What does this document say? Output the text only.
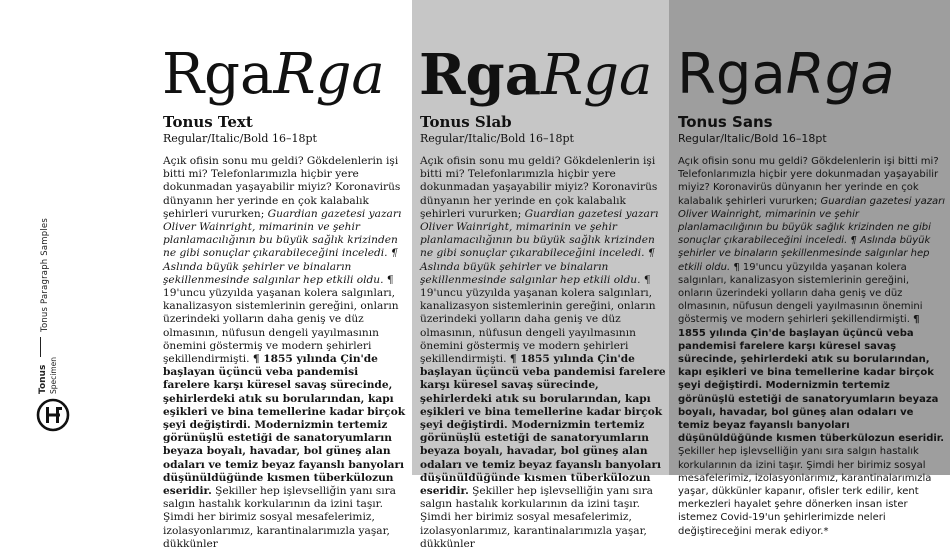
Tonus Paragraph Samples
Tonus Specimen
RgaRga
Tonus Text
Regular/Italic/Bold 16–18pt

Açık ofisin sonu mu geldi? Gökdelenlerin işi bitti mi? Telefonlarımızla hiçbir yere dokunmadan yaşayabilir miyiz? Koronavirüs dünyanın her yerinde en çok kalabalık şehirleri vururken; Guardian gazetesi yazarı Oliver Wainright, mimarinin ve şehir planlamacılığının bu büyük sağlık krizinden ne gibi sonuçlar çıkarabileceğini inceledi. ¶ Aslında büyük şehirler ve binaların şekillenmesinde salgınlar hep etkili oldu. ¶ 19'uncu yüzyılda yaşanan kolera salgınları, kanalizasyon sistemlerinin gereğini, onların üzerindeki yolların daha geniş ve düz olmasının, nüfusun dengeli yayılmasının önemini göstermiş ve modern şehirleri şekillendirmişti. ¶ 1855 yılında Çin'de başlayan üçüncü veba pandemisi farelere karşı küresel savaş sürecinde, şehirlerdeki atık su borularından, kapı eşikleri ve bina temellerine kadar birçok şeyi değiştirdi. Modernizmin tertemiz görünüşlü estetiği de sanatoryumların beyaza boyalı, havadar, bol güneş alan odaları ve temiz beyaz fayanslı banyoları düşünüldüğünde kısmen tüberkülozun eseridir. Şekiller hep işlevselliğin yanı sıra salgın hastalık korkularının da izini taşır. Şimdi her birimiz sosyal mesafelerimiz, izolasyonlarımız, karantinalarımızla yaşar, dükkünler

RgaRga
Tonus Slab
Regular/Italic/Bold 16–18pt

Açık ofisin sonu mu geldi? Gökdelenlerin işi bitti mi? Telefonlarımızla hiçbir yere dokunmadan yaşayabilir miyiz? Koronavirüs dünyanın her yerinde en çok kalabalık şehirleri vururken; Guardian gazetesi yazarı Oliver Wainright, mimarinin ve şehir planlamacılığının bu büyük sağlık krizinden ne gibi sonuçlar çıkarabileceğini inceledi. ¶ Aslında büyük şehirler ve binaların şekillenmesinde salgınlar hep etkili oldu. ¶ 19'uncu yüzyılda yaşanan kolera salgınları, kanalizasyon sistemlerinin gereğini, onların üzerindeki yolların daha geniş ve düz olmasının, nüfusun dengeli yayılmasının önemini göstermiş ve modern şehirleri şekillendirmişti. ¶ 1855 yılında Çin'de başlayan üçüncü veba pandemisi farelere karşı küresel savaş sürecinde, şehirlerdeki atık su borularından, kapı eşikleri ve bina temellerine kadar birçok şeyi değiştirdi. Modernizmin tertemiz görünüşlü estetiği de sanatoryumların beyaza boyalı, havadar, bol güneş alan odaları ve temiz beyaz fayanslı banyoları düşünüldüğünde kısmen tüberkülozun eseridir. Şekiller hep işlevselliğin yanı sıra salgın hastalık korkularının da izini taşır. Şimdi her birimiz sosyal mesafelerimiz, izolasyonlarımız, karantinalarımızla yaşar, dükkünler

RgaRga
Tonus Sans
Regular/Italic/Bold 16–18pt

Açık ofisin sonu mu geldi? Gökdelenlerin işi bitti mi? Telefonlarımızla hiçbir yere dokunmadan yaşayabilir miyiz? Koronavirüs dünyanın her yerinde en çok kalabalık şehirleri vururken; Guardian gazetesi yazarı Oliver Wainright, mimarinin ve şehir planlamacılığının bu büyük sağlık krizinden ne gibi sonuçlar çıkarabileceğini inceledi. ¶ Aslında büyük şehirler ve binaların şekillenmesinde salgınlar hep etkili oldu. ¶ 19'uncu yüzyılda yaşanan kolera salgınları, kanalizasyon sistemlerinin gereğini, onların üzerindeki yolların daha geniş ve düz olmasının, nüfusun dengeli yayılmasının önemini göstermiş ve modern şehirleri şekillendirmişti. ¶ 1855 yılında Çin'de başlayan üçüncü veba pandemisi farelere karşı küresel savaş sürecinde, şehirlerdeki atık su borularından, kapı eşikleri ve bina temellerine kadar birçok şeyi değiştirdi. Modernizmin tertemiz görünüşlü estetiği de sanatoryumların beyaza boyalı, havadar, bol güneş alan odaları ve temiz beyaz fayanslı banyoları düşünüldüğünde kısmen tüberkülozun eseridir. Şekiller hep işlevselliğin yanı sıra salgın hastalık korkularının da izini taşır. Şimdi her birimiz sosyal mesafelerimiz, izolasyonlarımız, karantinalarımızla yaşar, dükkünler kapanır, ofisler terk edilir, kent merkezleri hayalet şehre dönerken insan ister istemez Covid-19'un şehirlerimizde neleri değiştireceğini merak ediyor.*
